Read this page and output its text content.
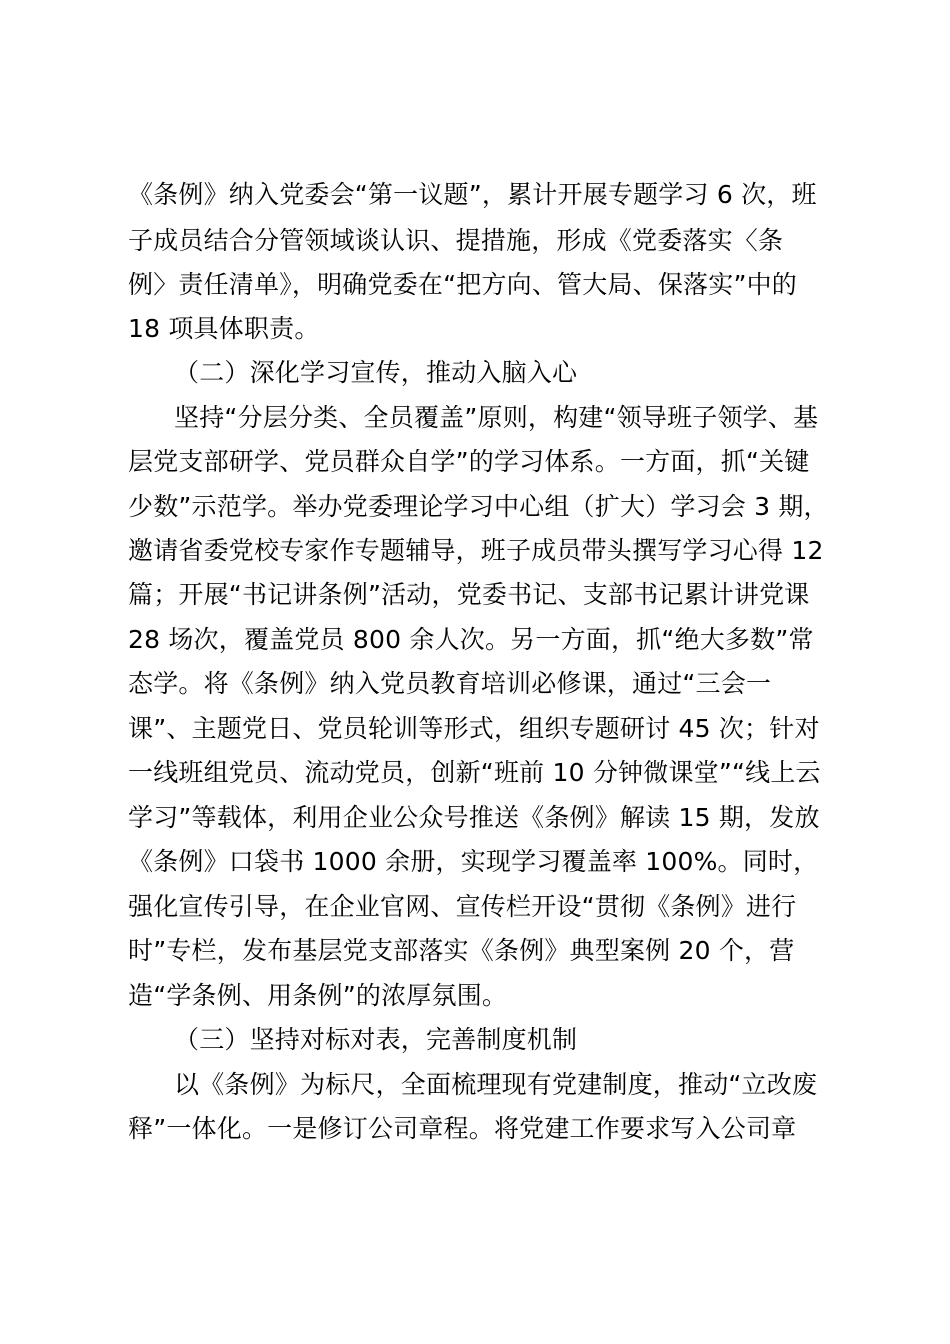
《条例》纳入党委会“第一议题”，累计开展专题学习 6 次，班
子成员结合分管领域谈认识、提措施，形成《党委落实〈条
例〉责任清单》，明确党委在“把方向、管大局、保落实”中的
18 项具体职责。
（二）深化学习宣传，推动入脑入心
坚持“分层分类、全员覆盖”原则，构建“领导班子领学、基
层党支部研学、党员群众自学”的学习体系。一方面，抓“关键
少数”示范学。举办党委理论学习中心组（扩大）学习会 3 期，
邀请省委党校专家作专题辅导，班子成员带头撰写学习心得 12
篇；开展“书记讲条例”活动，党委书记、支部书记累计讲党课
28 场次，覆盖党员 800 余人次。另一方面，抓“绝大多数”常
态学。将《条例》纳入党员教育培训必修课，通过“三会一
课”、主题党日、党员轮训等形式，组织专题研讨 45 次；针对
一线班组党员、流动党员，创新“班前 10 分钟微课堂”“线上云
学习”等载体，利用企业公众号推送《条例》解读 15 期，发放
《条例》口袋书 1000 余册，实现学习覆盖率 100%。同时，
强化宣传引导，在企业官网、宣传栏开设“贯彻《条例》进行
时”专栏，发布基层党支部落实《条例》典型案例 20 个，营
造“学条例、用条例”的浓厚氛围。
（三）坚持对标对表，完善制度机制
以《条例》为标尺，全面梳理现有党建制度，推动“立改废
释”一体化。一是修订公司章程。将党建工作要求写入公司章
